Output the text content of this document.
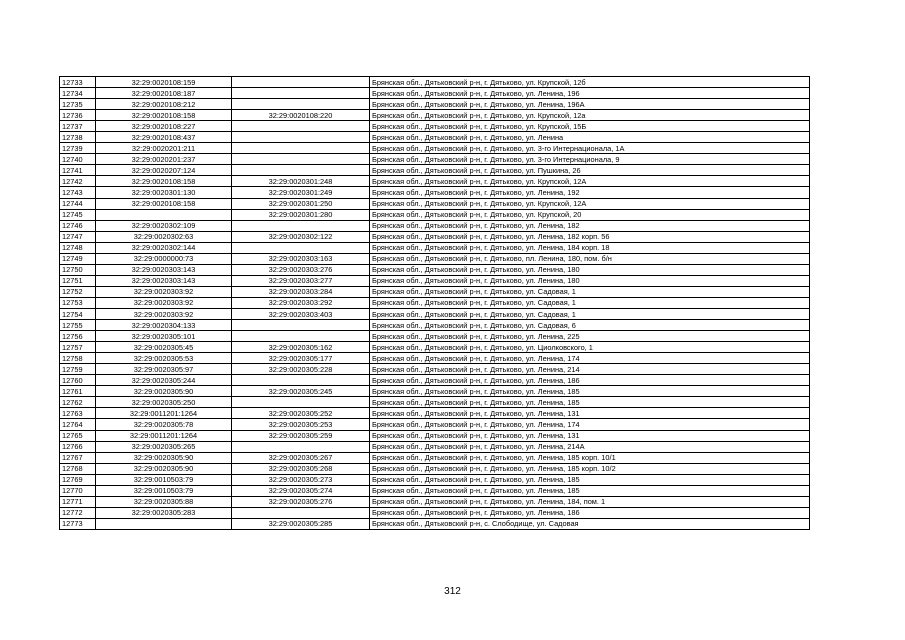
12733	32:29:0020108:159		Брянская обл., Дятьковский р-н, г. Дятьково, ул. Крупской, 12б
12734	32:29:0020108:187		Брянская обл., Дятьковский р-н, г. Дятьково, ул. Ленина, 196
12735	32:29:0020108:212		Брянская обл., Дятьковский р-н, г. Дятьково, ул. Ленина, 196А
12736	32:29:0020108:158	32:29:0020108:220	Брянская обл., Дятьковский р-н, г. Дятьково, ул. Крупской, 12а
12737	32:29:0020108:227		Брянская обл., Дятьковский р-н, г. Дятьково, ул. Крупской, 15Б
12738	32:29:0020108:437		Брянская обл., Дятьковский р-н, г. Дятьково, ул. Ленина
12739	32:29:0020201:211		Брянская обл., Дятьковский р-н, г. Дятьково, ул. 3-го Интернационала, 1А
12740	32:29:0020201:237		Брянская обл., Дятьковский р-н, г. Дятьково, ул. 3-го Интернационала, 9
12741	32:29:0020207:124		Брянская обл., Дятьковский р-н, г. Дятьково, ул. Пушкина, 26
12742	32:29:0020108:158	32:29:0020301:248	Брянская обл., Дятьковский р-н, г. Дятьково, ул. Крупской, 12А
12743	32:29:0020301:130	32:29:0020301:249	Брянская обл., Дятьковский р-н, г. Дятьково, ул. Ленина, 192
12744	32:29:0020108:158	32:29:0020301:250	Брянская обл., Дятьковский р-н, г. Дятьково, ул. Крупской, 12А
12745		32:29:0020301:280	Брянская обл., Дятьковский р-н, г. Дятьково, ул. Крупской, 20
12746	32:29:0020302:109		Брянская обл., Дятьковский р-н, г. Дятьково, ул. Ленина, 182
12747	32:29:0020302:63	32:29:0020302:122	Брянская обл., Дятьковский р-н, г. Дятьково, ул. Ленина, 182 корп. 56
12748	32:29:0020302:144		Брянская обл., Дятьковский р-н, г. Дятьково, ул. Ленина, 184 корп. 18
12749	32:29:0000000:73	32:29:0020303:163	Брянская обл., Дятьковский р-н, г. Дятьково, пл. Ленина, 180, пом. б/н
12750	32:29:0020303:143	32:29:0020303:276	Брянская обл., Дятьковский р-н, г. Дятьково, ул. Ленина, 180
12751	32:29:0020303:143	32:29:0020303:277	Брянская обл., Дятьковский р-н, г. Дятьково, ул. Ленина, 180
12752	32:29:0020303:92	32:29:0020303:284	Брянская обл., Дятьковский р-н, г. Дятьково, ул. Садовая, 1
12753	32:29:0020303:92	32:29:0020303:292	Брянская обл., Дятьковский р-н, г. Дятьково, ул. Садовая, 1
12754	32:29:0020303:92	32:29:0020303:403	Брянская обл., Дятьковский р-н, г. Дятьково, ул. Садовая, 1
12755	32:29:0020304:133		Брянская обл., Дятьковский р-н, г. Дятьково, ул. Садовая, 6
12756	32:29:0020305:101		Брянская обл., Дятьковский р-н, г. Дятьково, ул. Ленина, 225
12757	32:29:0020305:45	32:29:0020305:162	Брянская обл., Дятьковский р-н, г. Дятьково, ул. Циолковского, 1
12758	32:29:0020305:53	32:29:0020305:177	Брянская обл., Дятьковский р-н, г. Дятьково, ул. Ленина, 174
12759	32:29:0020305:97	32:29:0020305:228	Брянская обл., Дятьковский р-н, г. Дятьково, ул. Ленина, 214
12760	32:29:0020305:244		Брянская обл., Дятьковский р-н, г. Дятьково, ул. Ленина, 186
12761	32:29:0020305:90	32:29:0020305:245	Брянская обл., Дятьковский р-н, г. Дятьково, ул. Ленина, 185
12762	32:29:0020305:250		Брянская обл., Дятьковский р-н, г. Дятьково, ул. Ленина, 185
12763	32:29:0011201:1264	32:29:0020305:252	Брянская обл., Дятьковский р-н, г. Дятьково, ул. Ленина, 131
12764	32:29:0020305:78	32:29:0020305:253	Брянская обл., Дятьковский р-н, г. Дятьково, ул. Ленина, 174
12765	32:29:0011201:1264	32:29:0020305:259	Брянская обл., Дятьковский р-н, г. Дятьково, ул. Ленина, 131
12766	32:29:0020305:265		Брянская обл., Дятьковский р-н, г. Дятьково, ул. Ленина, 214А
12767	32:29:0020305:90	32:29:0020305:267	Брянская обл., Дятьковский р-н, г. Дятьково, ул. Ленина, 185 корп. 10/1
12768	32:29:0020305:90	32:29:0020305:268	Брянская обл., Дятьковский р-н, г. Дятьково, ул. Ленина, 185 корп. 10/2
12769	32:29:0010503:79	32:29:0020305:273	Брянская обл., Дятьковский р-н, г. Дятьково, ул. Ленина, 185
12770	32:29:0010503:79	32:29:0020305:274	Брянская обл., Дятьковский р-н, г. Дятьково, ул. Ленина, 185
12771	32:29:0020305:88	32:29:0020305:276	Брянская обл., Дятьковский р-н, г. Дятьково, ул. Ленина, 184, пом. 1
12772	32:29:0020305:283		Брянская обл., Дятьковский р-н, г. Дятьково, ул. Ленина, 186
12773		32:29:0020305:285	Брянская обл., Дятьковский р-н, с. Слободище, ул. Садовая
312
